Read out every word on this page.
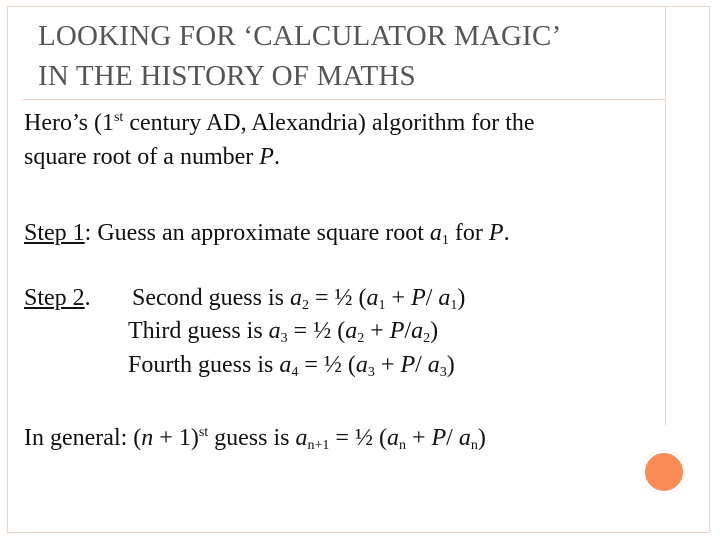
LOOKING FOR ‘CALCULATOR MAGIC’
IN THE HISTORY OF MATHS
Hero’s (1st century AD, Alexandria) algorithm for the
square root of a number P.
Step 1: Guess an approximate square root $a_1$ for P.
Step 2. Second guess is $a_2$ = ½ ($a_1 + P/$ $a_1$)
Third guess is $a_3$ = ½ $(a_2 + P/a_2)$
Fourth guess is $a_4$ = ½ ($a_3 + P/$ $a_3$)
In general: $(n + 1)^{st}$ guess is $a_{n+1}$ = ½ ($a_n + P/$ $a_n$)
